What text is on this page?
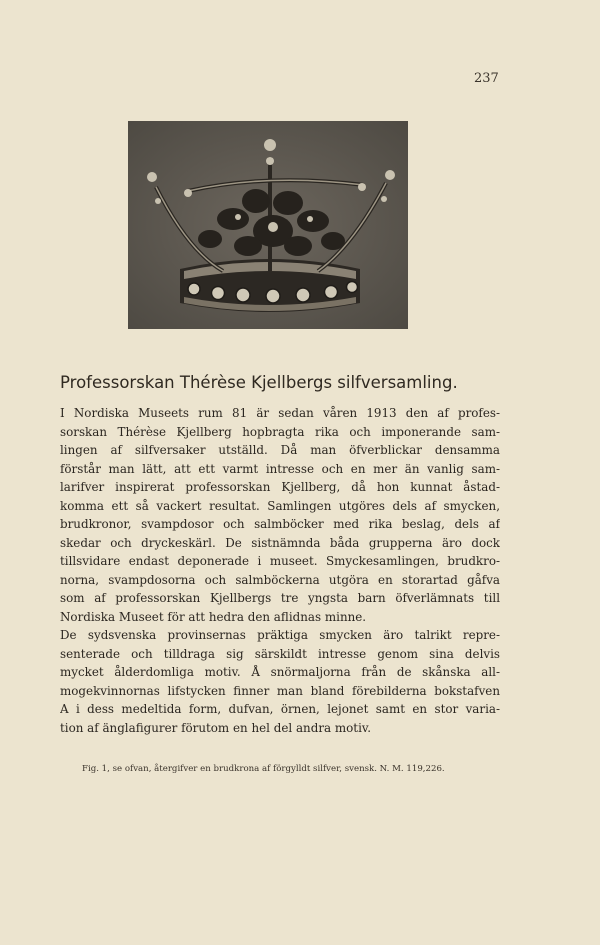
237
Professorskan Thérèse Kjellbergs silfversamling.
I Nordiska Museets rum 81 är sedan våren 1913 den af profes-
sorskan Thérèse Kjellberg hopbragta rika och imponerande sam-
lingen af silfversaker utställd. Då man öfverblickar densamma
förstår man lätt, att ett varmt intresse och en mer än vanlig sam-
larifver inspirerat professorskan Kjellberg, då hon kunnat åstad-
komma ett så vackert resultat. Samlingen utgöres dels af smycken,
brudkronor, svampdosor och salmböcker med rika beslag, dels af
skedar och dryckeskärl. De sistnämnda båda grupperna äro dock
tillsvidare endast deponerade i museet. Smyckesamlingen, brudkro-
norna, svampdosorna och salmböckerna utgöra en storartad gåfva
som af professorskan Kjellbergs tre yngsta barn öfverlämnats till
Nordiska Museet för att hedra den aflidnas minne.
De sydsvenska provinsernas präktiga smycken äro talrikt repre-
senterade och tilldraga sig särskildt intresse genom sina delvis
mycket ålderdomliga motiv. Å snörmaljorna från de skånska all-
mogekvinnornas lifstycken finner man bland förebilderna bokstafven
A i dess medeltida form, dufvan, örnen, lejonet samt en stor varia-
tion af änglafigurer förutom en hel del andra motiv.
Fig. 1, se ofvan, återgifver en brudkrona af förgylldt silfver, svensk. N. M. 119,226.
